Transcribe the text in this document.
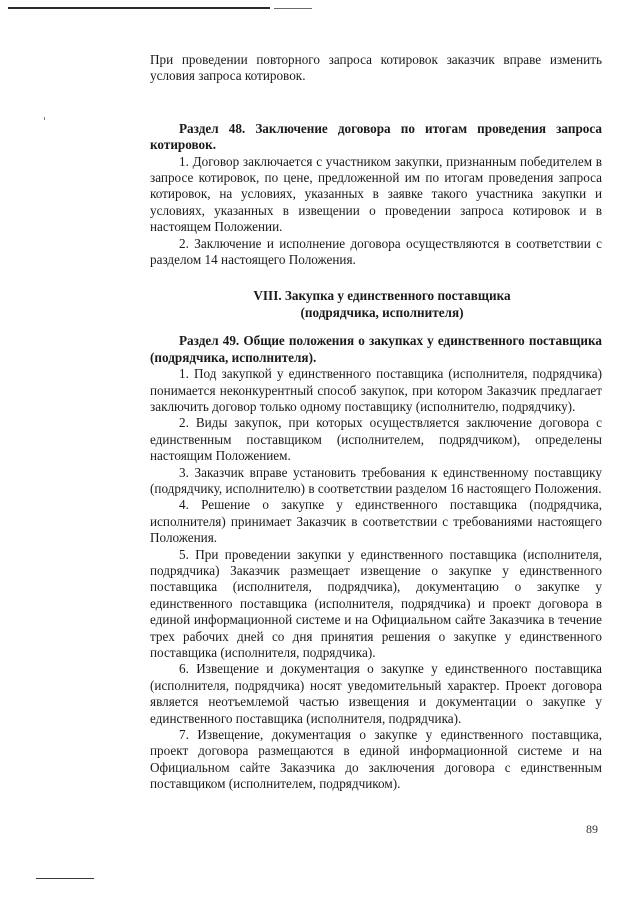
При проведении повторного запроса котировок заказчик вправе изменить условия запроса котировок.

Раздел 48. Заключение договора по итогам проведения запроса котировок.

1. Договор заключается с участником закупки, признанным победителем в запросе котировок, по цене, предложенной им по итогам проведения запроса котировок, на условиях, указанных в заявке такого участника закупки и условиях, указанных в извещении о проведении запроса котировок и в настоящем Положении.

2. Заключение и исполнение договора осуществляются в соответствии с разделом 14 настоящего Положения.

VIII. Закупка у единственного поставщика

(подрядчика, исполнителя)

Раздел 49. Общие положения о закупках у единственного поставщика (подрядчика, исполнителя).

1. Под закупкой у единственного поставщика (исполнителя, подрядчика) понимается неконкурентный способ закупок, при котором Заказчик предлагает заключить договор только одному поставщику (исполнителю, подрядчику).

2. Виды закупок, при которых осуществляется заключение договора с единственным поставщиком (исполнителем, подрядчиком), определены настоящим Положением.

3. Заказчик вправе установить требования к единственному поставщику (подрядчику, исполнителю) в соответствии разделом 16 настоящего Положения.

4. Решение о закупке у единственного поставщика (подрядчика, исполнителя) принимает Заказчик в соответствии с требованиями настоящего Положения.

5. При проведении закупки у единственного поставщика (исполнителя, подрядчика) Заказчик размещает извещение о закупке у единственного поставщика (исполнителя, подрядчика), документацию о закупке у единственного поставщика (исполнителя, подрядчика) и проект договора в единой информационной системе и на Официальном сайте Заказчика в течение трех рабочих дней со дня принятия решения о закупке у единственного поставщика (исполнителя, подрядчика).

6. Извещение и документация о закупке у единственного поставщика (исполнителя, подрядчика) носят уведомительный характер. Проект договора является неотъемлемой частью извещения и документации о закупке у единственного поставщика (исполнителя, подрядчика).

7. Извещение, документация о закупке у единственного поставщика, проект договора размещаются в единой информационной системе и на Официальном сайте Заказчика до заключения договора с единственным поставщиком (исполнителем, подрядчиком).

89
